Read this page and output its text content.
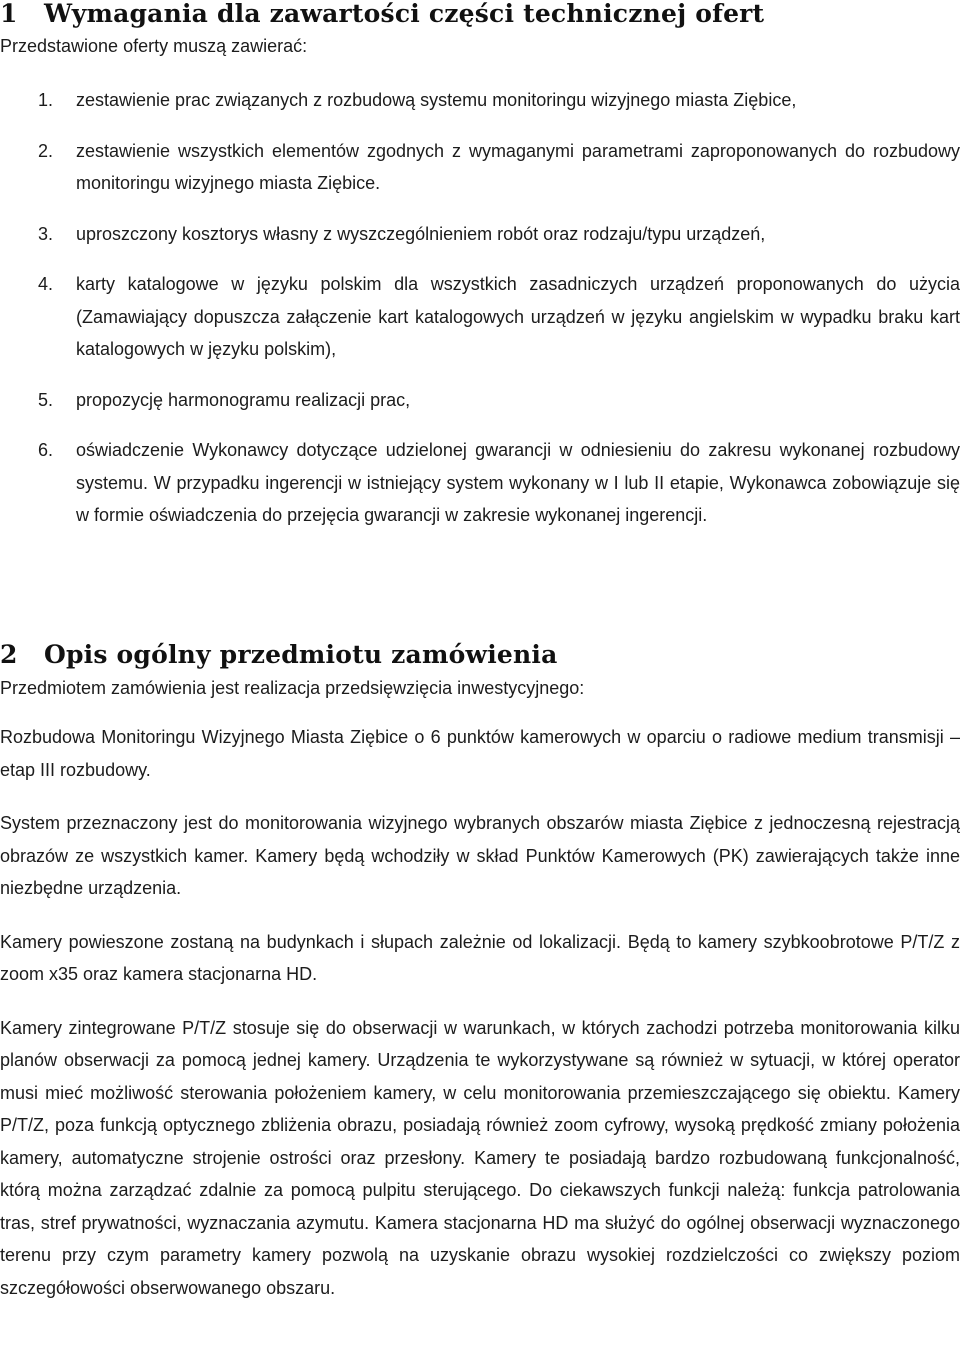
1 Wymagania dla zawartości części technicznej ofert
Przedstawione oferty muszą zawierać:
1. zestawienie prac związanych z rozbudową systemu monitoringu wizyjnego miasta Ziębice,
2. zestawienie wszystkich elementów zgodnych z wymaganymi parametrami zaproponowanych do rozbudowy monitoringu wizyjnego miasta Ziębice.
3. uproszczony kosztorys własny z wyszczególnieniem robót oraz rodzaju/typu urządzeń,
4. karty katalogowe w języku polskim dla wszystkich zasadniczych urządzeń proponowanych do użycia (Zamawiający dopuszcza załączenie kart katalogowych urządzeń w języku angielskim w wypadku braku kart katalogowych w języku polskim),
5. propozycję harmonogramu realizacji prac,
6. oświadczenie Wykonawcy dotyczące udzielonej gwarancji w odniesieniu do zakresu wykonanej rozbudowy systemu. W przypadku ingerencji w istniejący system wykonany w I lub II etapie, Wykonawca zobowiązuje się w formie oświadczenia do przejęcia gwarancji w zakresie wykonanej ingerencji.
2 Opis ogólny przedmiotu zamówienia

Przedmiotem zamówienia jest realizacja przedsięwzięcia inwestycyjnego:

Rozbudowa Monitoringu Wizyjnego Miasta Ziębice o 6 punktów kamerowych w oparciu o radiowe medium transmisji – etap III rozbudowy.

System przeznaczony jest do monitorowania wizyjnego wybranych obszarów miasta Ziębice z jednoczesną rejestracją obrazów ze wszystkich kamer. Kamery będą wchodziły w skład Punktów Kamerowych (PK) zawierających także inne niezbędne urządzenia.

Kamery powieszone zostaną na budynkach i słupach zależnie od lokalizacji. Będą to kamery szybkoobrotowe P/T/Z z zoom x35 oraz kamera stacjonarna HD.

Kamery zintegrowane P/T/Z stosuje się do obserwacji w warunkach, w których zachodzi potrzeba monitorowania kilku planów obserwacji za pomocą jednej kamery. Urządzenia te wykorzystywane są również w sytuacji, w której operator musi mieć możliwość sterowania położeniem kamery, w celu monitorowania przemieszczającego się obiektu. Kamery P/T/Z, poza funkcją optycznego zbliżenia obrazu, posiadają również zoom cyfrowy, wysoką prędkość zmiany położenia kamery, automatyczne strojenie ostrości oraz przesłony. Kamery te posiadają bardzo rozbudowaną funkcjonalność, którą można zarządzać zdalnie za pomocą pulpitu sterującego. Do ciekawszych funkcji należą: funkcja patrolowania tras, stref prywatności, wyznaczania azymutu. Kamera stacjonarna HD ma służyć do ogólnej obserwacji wyznaczonego terenu przy czym parametry kamery pozwolą na uzyskanie obrazu wysokiej rozdzielczości co zwiększy poziom szczegółowości obserwowanego obszaru.
